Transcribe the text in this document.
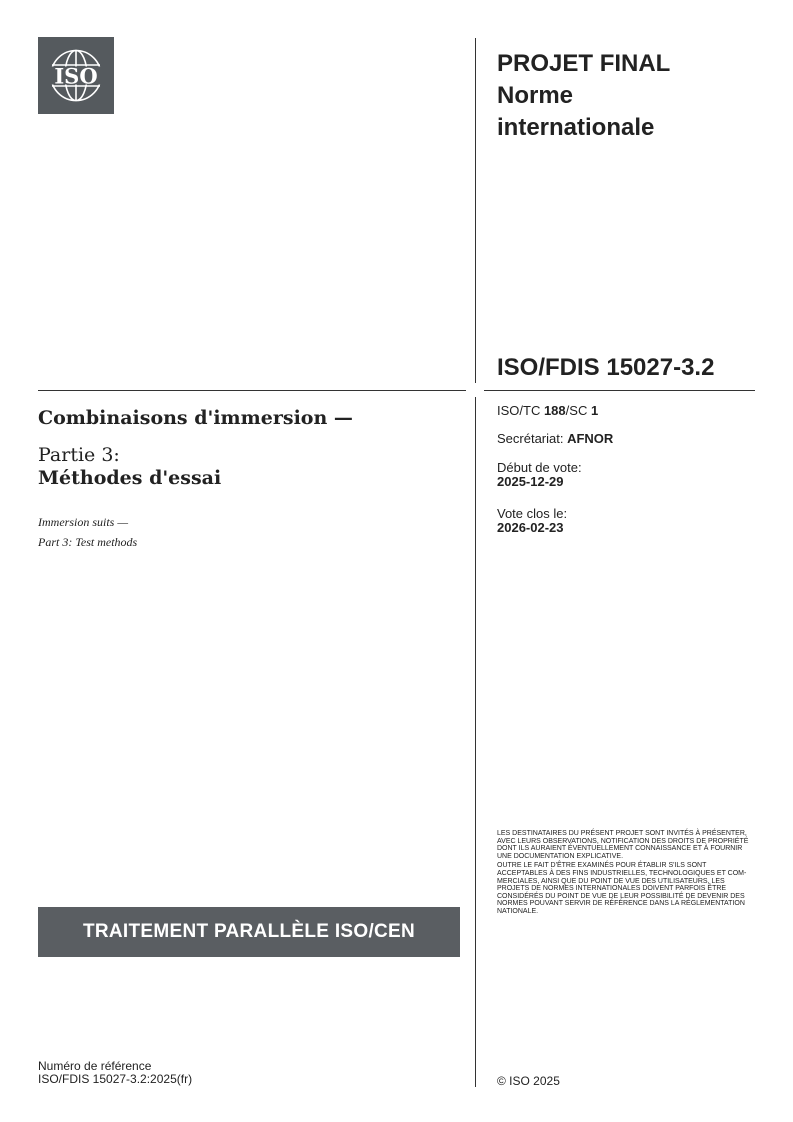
ISO	PROJET FINAL
Norme
internationale
ISO/FDIS 15027-3.2
ISO/TC 188/SC 1
Secrétariat: AFNOR
Début de vote:
2025-12-29
Vote clos le:
2026-02-23
Combinaisons d'immersion —
Partie 3:
Méthodes d'essai
Immersion suits —
Part 3: Test methods

LES DESTINATAIRES DU PRÉSENT PROJET SONT INVITÉS À PRÉSENTER, AVEC LEURS OBSERVATIONS, NOTIFICATION DES DROITS DE PROPRIÉTÉ DONT ILS AURAIENT ÉVENTUELLEMENT CONNAISSANCE ET À FOURNIR UNE DOCUMENTATION EXPLICATIVE.

OUTRE LE FAIT D'ÊTRE EXAMINÉS POUR ÉTABLIR S'ILS SONT ACCEPTABLES À DES FINS INDUSTRIELLES, TECHNOLOGIQUES ET COM-MERCIALES, AINSI QUE DU POINT DE VUE DES UTILISATEURS, LES PROJETS DE NORMES INTERNATIONALES DOIVENT PARFOIS ÊTRE CONSIDÉRÉS DU POINT DE VUE DE LEUR POSSIBILITÉ DE DEVENIR DES NORMES POUVANT SERVIR DE RÉFÉRENCE DANS LA RÉGLEMENTATION NATIONALE.

TRAITEMENT PARALLÈLE ISO/CEN
Numéro de référence
ISO/FDIS 15027-3.2:2025(fr)	© ISO 2025
